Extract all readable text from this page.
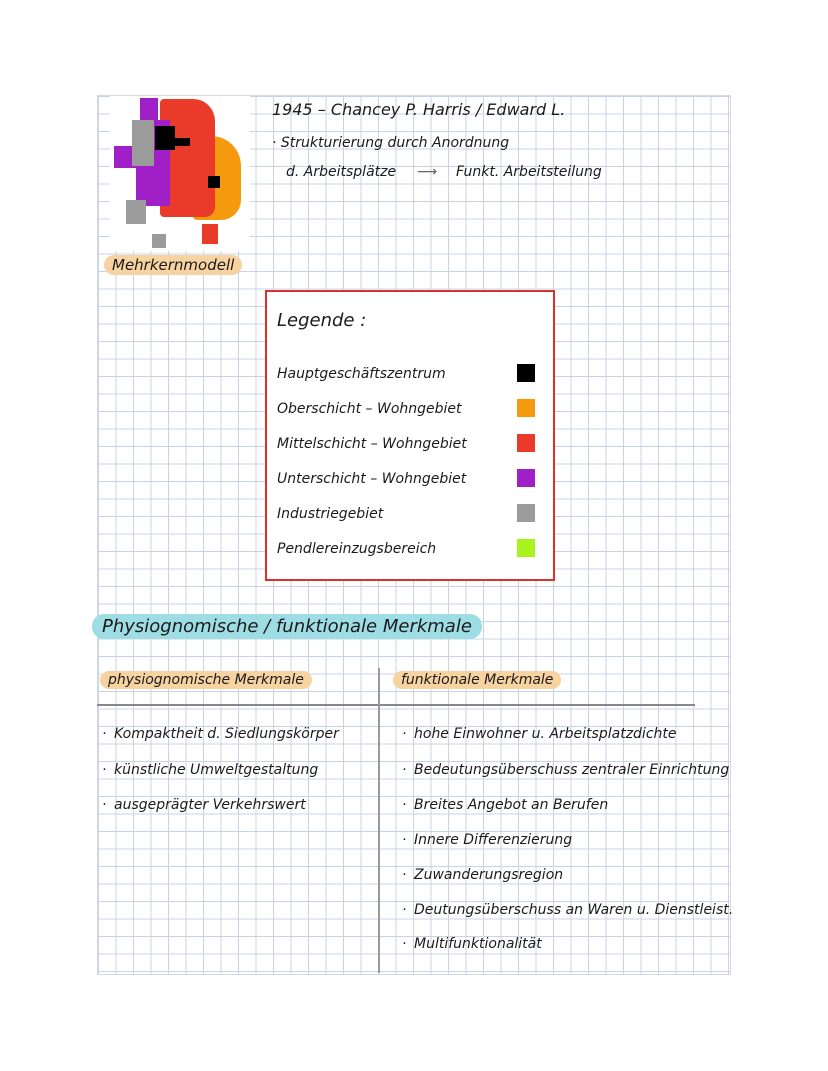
Mehrkernmodell
1945 – Chancey P. Harris / Edward L.
· Strukturierung durch Anordnung
d. Arbeitsplätze ⟶ Funkt. Arbeitsteilung
Legende :
Hauptgeschäftszentrum
Oberschicht – Wohngebiet
Mittelschicht – Wohngebiet
Unterschicht – Wohngebiet
Industriegebiet
Pendlereinzugsbereich
Physiognomische / funktionale Merkmale
physiognomische Merkmale	funktionale Merkmale
· Kompaktheit d. Siedlungskörper
· künstliche Umweltgestaltung
· ausgeprägter Verkehrswert
· hohe Einwohner u. Arbeitsplatzdichte
· Bedeutungsüberschuss zentraler Einrichtung
· Breites Angebot an Berufen
· Innere Differenzierung
· Zuwanderungsregion
· Deutungsüberschuss an Waren u. Dienstleist.
· Multifunktionalität
